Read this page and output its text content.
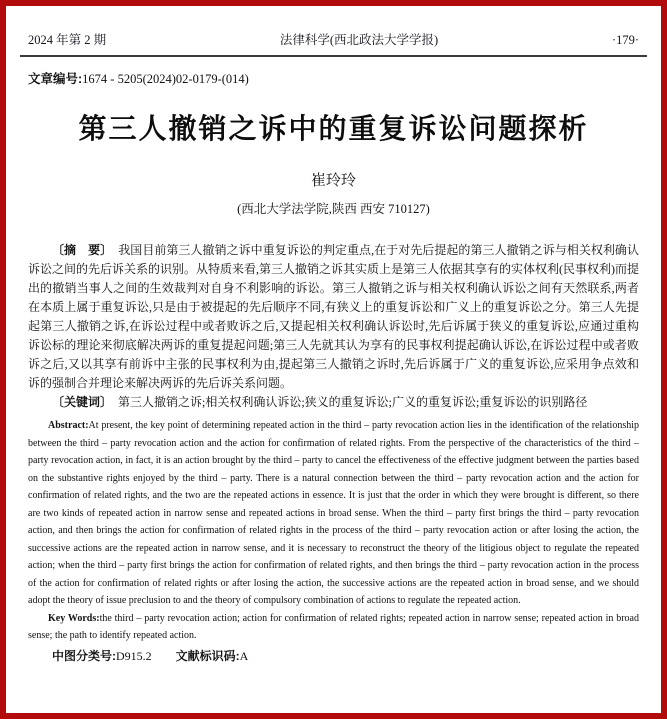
2024 年第 2 期	法律科学(西北政法大学学报)	·179·
文章编号:1674 - 5205(2024)02-0179-(014)
第三人撤销之诉中的重复诉讼问题探析
崔玲玲
(西北大学法学院,陕西 西安 710127)

〔摘　要〕　我国目前第三人撤销之诉中重复诉讼的判定重点,在于对先后提起的第三人撤销之诉与相关权利确认诉讼之间的先后诉关系的识别。从特质来看,第三人撤销之诉其实质上是第三人依据其享有的实体权利(民事权利)而提出的撤销当事人之间的生效裁判对自身不利影响的诉讼。第三人撤销之诉与相关权利确认诉讼之间有天然联系,两者在本质上属于重复诉讼,只是由于被提起的先后顺序不同,有狭义上的重复诉讼和广义上的重复诉讼之分。第三人先提起第三人撤销之诉,在诉讼过程中或者败诉之后,又提起相关权利确认诉讼时,先后诉属于狭义的重复诉讼,应通过重构诉讼标的理论来彻底解决两诉的重复提起问题;第三人先就其认为享有的民事权利提起确认诉讼,在诉讼过程中或者败诉之后,又以其享有前诉中主张的民事权利为由,提起第三人撤销之诉时,先后诉属于广义的重复诉讼,应采用争点效和诉的强制合并理论来解决两诉的先后诉关系问题。

〔关键词〕　第三人撤销之诉;相关权利确认诉讼;狭义的重复诉讼;广义的重复诉讼;重复诉讼的识别路径

Abstract:At present, the key point of determining repeated action in the third – party revocation action lies in the identification of the relationship between the third – party revocation action and the action for confirmation of related rights. From the perspective of the characteristics of the third – party revocation action, in fact, it is an action brought by the third – party to cancel the effectiveness of the effective judgment between the parties based on the substantive rights enjoyed by the third – party. There is a natural connection between the third – party revocation action and the action for confirmation of related rights, and the two are the repeated actions in essence. It is just that the order in which they were brought is different, so there are two kinds of repeated action in narrow sense and repeated actions in broad sense. When the third – party first brings the third – party revocation action, and then brings the action for confirmation of related rights in the process of the third – party revocation action or after losing the action, the successive actions are the repeated action in narrow sense, and it is necessary to reconstruct the theory of the litigious object to regulate the repeated action; when the third – party first brings the action for confirmation of related rights, and then brings the third – party revocation action in the process of the action for confirmation of related rights or after losing the action, the successive actions are the repeated action in broad sense, and we should adopt the theory of issue preclusion to and the theory of compulsory combination of actions to regulate the repeated action.

Key Words:the third – party revocation action; action for confirmation of related rights; repeated action in narrow sense; repeated action in broad sense; the path to identify repeated action.

中图分类号:D915.2 文献标识码:A
